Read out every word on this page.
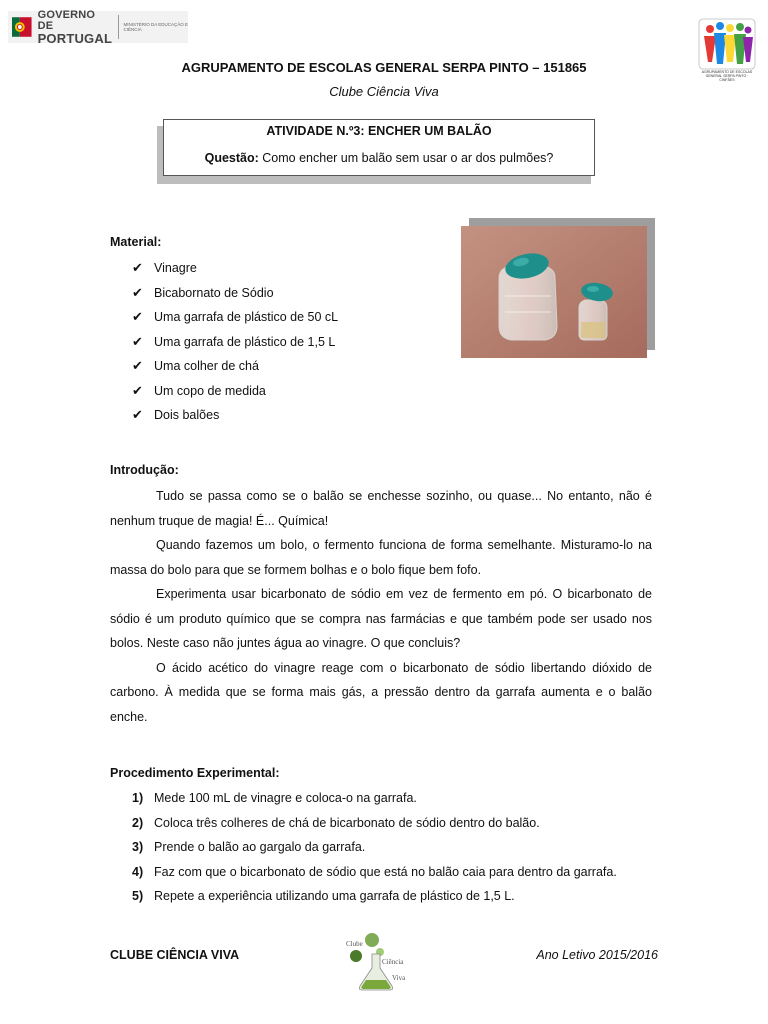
GOVERNO DE
PORTUGAL
MINISTÉRIO DA EDUCAÇÃO E CIÊNCIA
AGRUPAMENTO DE ESCOLAS GENERAL SERPA PINTO · CINFÃES
AGRUPAMENTO DE ESCOLAS GENERAL SERPA PINTO – 151865
Clube Ciência Viva
ATIVIDADE N.º3: ENCHER UM BALÃO
Questão: Como encher um balão sem usar o ar dos pulmões?
Material:
✔ Vinagre
✔ Bicabornato de Sódio
✔ Uma garrafa de plástico de 50 cL
✔ Uma garrafa de plástico de 1,5 L
✔ Uma colher de chá
✔ Um copo de medida
✔ Dois balões
Introdução:

Tudo se passa como se o balão se enchesse sozinho, ou quase... No entanto, não é nenhum truque de magia! É... Química!

Quando fazemos um bolo, o fermento funciona de forma semelhante. Misturamo-lo na massa do bolo para que se formem bolhas e o bolo fique bem fofo.

Experimenta usar bicarbonato de sódio em vez de fermento em pó. O bicarbonato de sódio é um produto químico que se compra nas farmácias e que também pode ser usado nos bolos. Neste caso não juntes água ao vinagre. O que concluis?

O ácido acético do vinagre reage com o bicarbonato de sódio libertando dióxido de carbono. À medida que se forma mais gás, a pressão dentro da garrafa aumenta e o balão enche.

Procedimento Experimental:
1) Mede 100 mL de vinagre e coloca-o na garrafa.
2) Coloca três colheres de chá de bicarbonato de sódio dentro do balão.
3) Prende o balão ao gargalo da garrafa.
4) Faz com que o bicarbonato de sódio que está no balão caia para dentro da garrafa.
5) Repete a experiência utilizando uma garrafa de plástico de 1,5 L.
CLUBE CIÊNCIA VIVA
Clube
Ciência
Viva
Ano Letivo 2015/2016
